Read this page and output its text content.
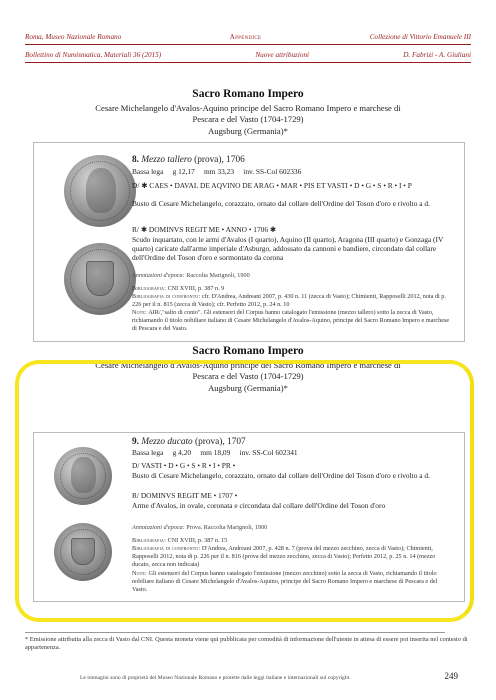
Roma, Museo Nazionale Romano	Appendice	Collezione di Vittorio Emanuele III
Bollettino di Numismatica, Materiali 36 (2015)	Nuove attribuzioni	D. Fabrizi - A. Giuliani
Sacro Romano Impero
Cesare Michelangelo d'Avalos-Aquino principe del Sacro Romano Impero e marchese di Pescara e del Vasto (1704-1729)
Augsburg (Germania)*
8. Mezzo tallero (prova), 1706
Bassa lega     g 12,17     mm 33,23     inv. SS-Col 602336
D/ ✱ CAES • DAVAL DE AQVINO DE ARAG • MAR • PIS ET VASTI • D • G • S • R • I • P
Busto di Cesare Michelangelo, corazzato, ornato dal collare dell'Ordine del Toson d'oro e rivolto a d.
R/ ✱ DOMINVS REGIT ME • ANNO • 1706 ✱
Scudo inquartato, con le armi d'Avalos (I quarto), Aquino (II quarto), Aragona (III quarto) e Gonzaga (IV quarto) caricate dall'arme imperiale d'Asburgo, addossato da cannoni e bandiere, circondato dal collare dell'Ordine del Toson d'oro e sormontato da corona
Annotazioni d'epoca: Raccolta Marignoli, 1900
Bibliografia: CNI XVIII, p. 387 n. 9
Bibliografia di confronto: cfr. D'Andrea, Andreani 2007, p. 430 n. 11 (zecca di Vasto); Chimienti, Rapposelli 2012, nota di p. 226 per il n. 815 (zecca di Vasto); cfr. Perfetto 2012, p. 24 n. 10
Note: AIR/,"salto di conio". Gli estensori del Corpus hanno catalogato l'emissione (mezzo tallero) sotto la zecca di Vasto, richiamando il titolo nobiliare italiano di Cesare Michelangelo d'Avalos-Aquino, principe del Sacro Romano Impero e marchese di Pescara e del Vasto.
Sacro Romano Impero
Cesare Michelangelo d'Avalos-Aquino principe del Sacro Romano Impero e marchese di Pescara e del Vasto (1704-1729)
Augsburg (Germania)*
9. Mezzo ducato (prova), 1707
Bassa lega     g 4,20     mm 18,09     inv. SS-Col 602341
D/ VASTI • D • G • S • R • I • PR •
Busto di Cesare Michelangelo, corazzato, ornato dal collare dell'Ordine del Toson d'oro e rivolto a d.
R/ DOMINVS REGIT ME • 1707 •
Arme d'Avalos, in ovale, coronata e circondata dal collare dell'Ordine del Toson d'oro
Annotazioni d'epoca: Prova. Raccolta Marignoli, 1900
Bibliografia: CNI XVIII, p. 387 n. 15
Bibliografia di confronto: D'Andrea, Andreani 2007, p. 428 n. 7 (prova del mezzo zecchino, zecca di Vasto); Chimienti, Rapposelli 2012, nota di p. 226 per il n. 816 (prova del mezzo zecchino, zecca di Vasto); Perfetto 2012, p. 25 n. 14 (mezzo ducato, zecca non indicata)
Note: Gli estensori del Corpus hanno catalogato l'emissione (mezzo zecchino) sotto la zecca di Vasto, richiamando il titolo nobiliare italiano di Cesare Michelangelo d'Avalos-Aquino, principe del Sacro Romano Impero e marchese di Pescara e del Vasto.
* Emissione attribuita alla zecca di Vasto dal CNI. Questa moneta viene qui pubblicata per comodità di informazione dell'utente in attesa di essere poi inserita nel contesto di appartenenza.
Le immagini sono di proprietà del Museo Nazionale Romano e protette dalle leggi italiane e internazionali sul copyright.	249
